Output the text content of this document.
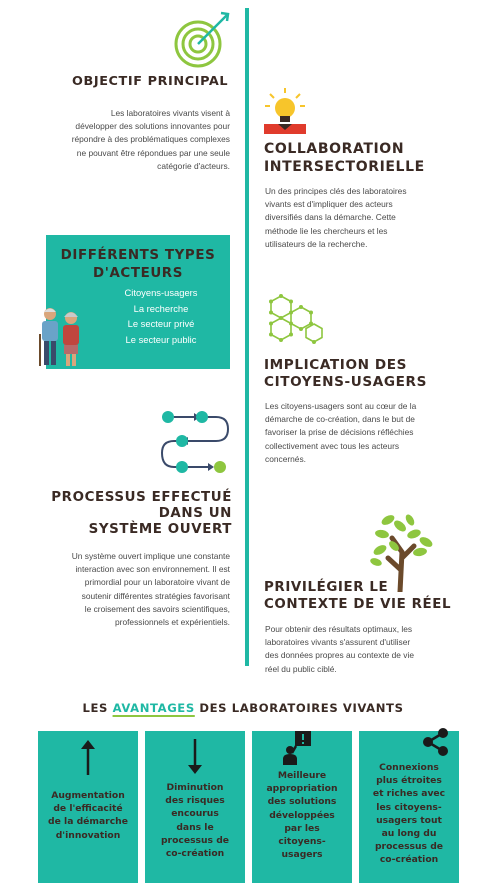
OBJECTIF PRINCIPAL
Les laboratoires vivants visent à
développer des solutions innovantes pour
répondre à des problématiques complexes
ne pouvant être répondues par une seule
catégorie d'acteurs.
COLLABORATION
INTERSECTORIELLE
Un des principes clés des laboratoires
vivants est d'impliquer des acteurs
diversifiés dans la démarche. Cette
méthode lie les chercheurs et les
utilisateurs de la recherche.
DIFFÉRENTS TYPES
D'ACTEURS
Citoyens-usagers
La recherche
Le secteur privé
Le secteur public
IMPLICATION DES
CITOYENS-USAGERS
Les citoyens-usagers sont au cœur de la
démarche de co-création, dans le but de
favoriser la prise de décisions réfléchies
collectivement avec tous les acteurs
concernés.
PROCESSUS EFFECTUÉ
DANS UN
SYSTÈME OUVERT
Un système ouvert implique une constante
interaction avec son environnement. Il est
primordial pour un laboratoire vivant de
soutenir différentes stratégies favorisant
le croisement des savoirs scientifiques,
professionnels et expérientiels.
PRIVILÉGIER LE
CONTEXTE DE VIE RÉEL
Pour obtenir des résultats optimaux, les
laboratoires vivants s'assurent d'utiliser
des données propres au contexte de vie
réel du public ciblé.
LES AVANTAGES DES LABORATOIRES VIVANTS
Augmentation
de l'efficacité
de la démarche
d'innovation
Diminution
des risques
encourus
dans le
processus de
co-création
Meilleure
appropriation
des solutions
développées
par les
citoyens-
usagers
Connexions
plus étroites
et riches avec
les citoyens-
usagers tout
au long du
processus de
co-création
